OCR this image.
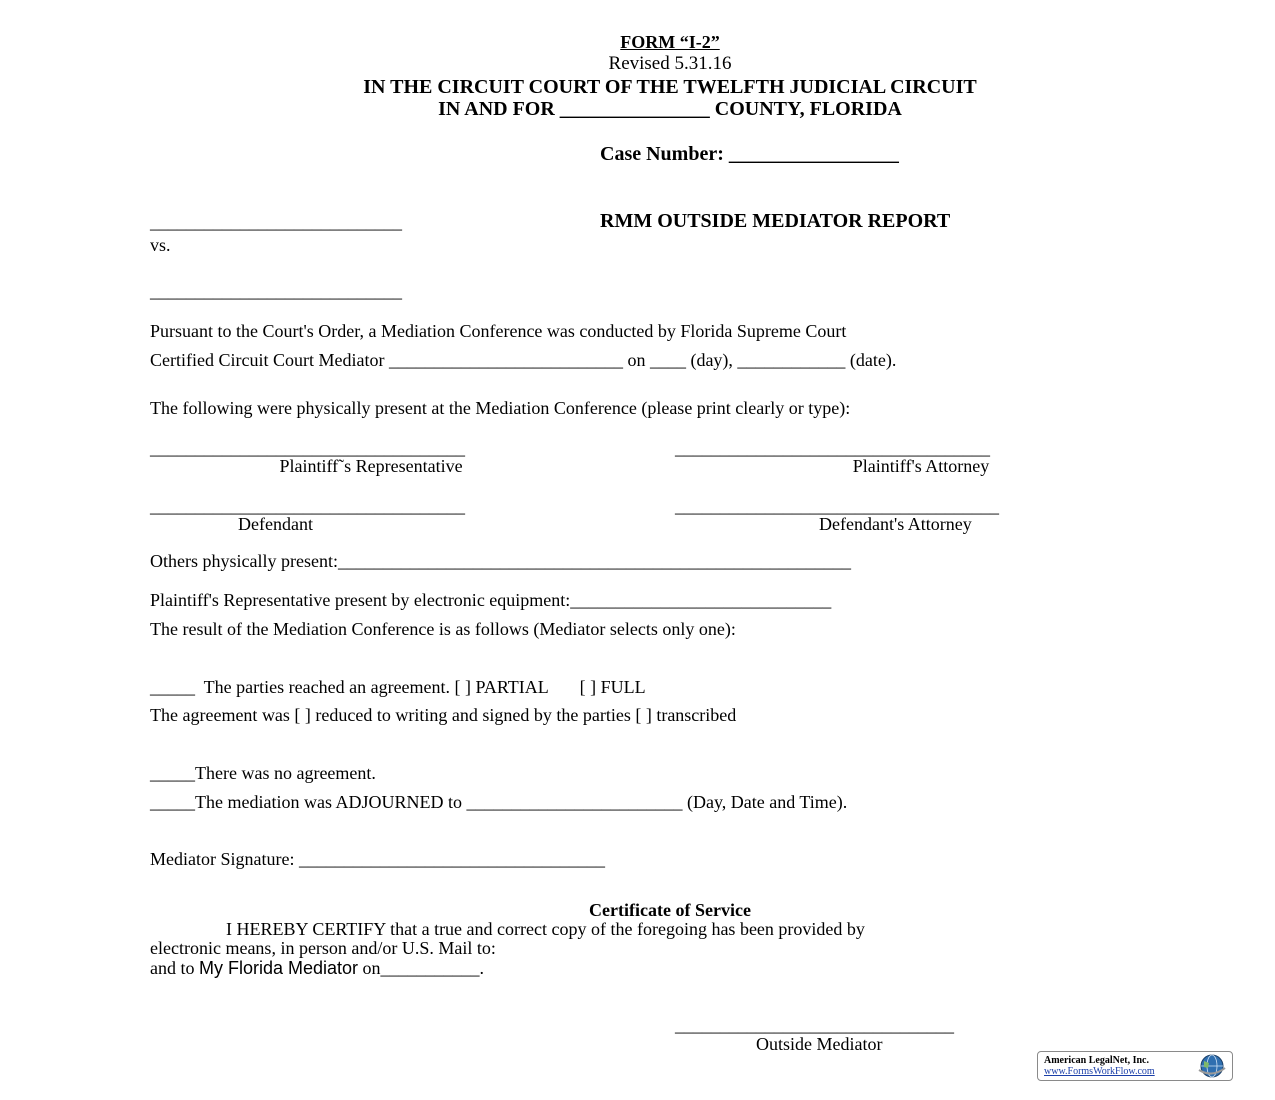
FORM “I-2”
Revised 5.31.16
IN THE CIRCUIT COURT OF THE TWELFTH JUDICIAL CIRCUIT
IN AND FOR _______________ COUNTY, FLORIDA
Case Number: _________________
____________________________	RMM OUTSIDE MEDIATOR REPORT
vs.
____________________________
Pursuant to the Court's Order, a Mediation Conference was conducted by Florida Supreme Court
Certified Circuit Court Mediator __________________________ on ____ (day), ____________ (date).
The following were physically present at the Mediation Conference (please print clearly or type):
___________________________________	___________________________________
Plaintiff˜s Representative	Plaintiff's Attorney
___________________________________	____________________________________
Defendant	Defendant's Attorney
Others physically present:_________________________________________________________
Plaintiff's Representative present by electronic equipment:_____________________________
The result of the Mediation Conference is as follows (Mediator selects only one):
_____  The parties reached an agreement. [ ] PARTIAL       [ ] FULL
The agreement was [ ] reduced to writing and signed by the parties [ ] transcribed
_____There was no agreement.
_____The mediation was ADJOURNED to ________________________ (Day, Date and Time).
Mediator Signature: __________________________________
Certificate of Service
I HEREBY CERTIFY that a true and correct copy of the foregoing has been provided by
electronic means, in person and/or U.S. Mail to:
and to My Florida Mediator on___________.
_______________________________
Outside Mediator
American LegalNet, Inc.
www.FormsWorkFlow.com
